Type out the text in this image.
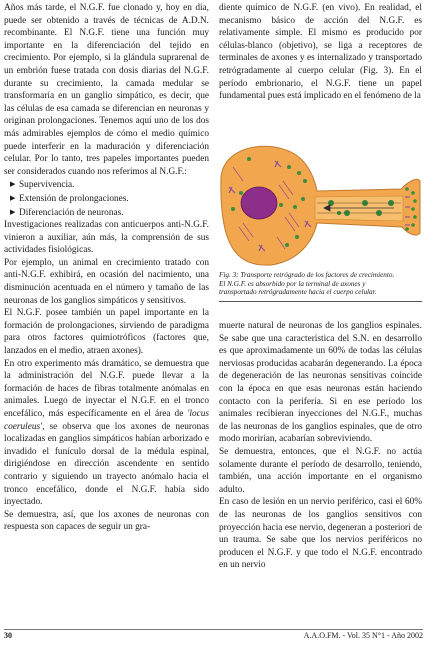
Años más tarde, el N.G.F. fue clonado y, hoy en día, puede ser obtenido a través de técnicas de A.D.N. recombinante. El N.G.F. tiene una función muy importante en la diferenciación del tejido en crecimiento. Por ejemplo, si la glándula suprarenal de un embrión fuese tratada con dosis diarias del N.G.F. durante su crecimiento, la camada medular se transformaría en un ganglio simpático, es decir, que las células de esa camada se diferencian en neuronas y originan prolongaciones. Tenemos aquí uno de los dos más admirables ejemplos de cómo el medio químico puede interferir en la maduración y diferenciación celular. Por lo tanto, tres papeles importantes pueden ser considerados cuando nos referimos al N.G.F.:

▶ Supervivencia.
▶ Extensión de prolongaciones.
▶ Diferenciación de neuronas.

Investigaciones realizadas con anticuerpos anti-N.G.F. vinieron a auxiliar, aún más, la comprensión de sus actividades fisiológicas.

Por ejemplo, un animal en crecimiento tratado con anti-N.G.F. exhibirá, en ocasión del nacimiento, una disminución acentuada en el número y tamaño de las neuronas de los ganglios simpáticos y sensitivos.

El N.G.F. posee también un papel importante en la formación de prolongaciones, sirviendo de paradigma para otros factores quimiotróficos (factores que, lanzados en el medio, atraen axones).

En otro experimento más dramático, se demuestra que la administración del N.G.F. puede llevar a la formación de haces de fibras totalmente anómalas en animales. Luego de inyectar el N.G.F. en el tronco encefálico, más específicamente en el área de 'locus coeruleus', se observa que los axones de neuronas localizadas en ganglios simpáticos habían arborizado e invadido el funículo dorsal de la médula espinal, dirigiéndose en dirección ascendente en sentido contrario y siguiendo un trayecto anómalo hacia el tronco encefálico, donde el N.G.F. había sido inyectado.

Se demuestra, así, que los axones de neuronas con respuesta son capaces de seguir un gra-

diente químico de N.G.F. (en vivo). En realidad, el mecanismo básico de acción del N.G.F. es relativamente simple. El mismo es producido por células-blanco (objetivo), se liga a receptores de terminales de axones y es internalizado y transportado retrógradamente al cuerpo celular (Fig. 3). En el período embrionario, el N.G.F. tiene un papel fundamental pues está implicado en el fenómeno de la

Fig. 3: Transporte retrógrado de los factores de crecimiento.
El N.G.F. es absorbido por la terminal de axones y
transportado retrógradamente hacia el cuerpo celular.

muerte natural de neuronas de los ganglios espinales. Se sabe que una característica del S.N. en desarrollo es que aproximadamente un 60% de todas las células nerviosas producidas acabarán degenerando. La época de degeneración de las neuronas sensitivas coincide con la época en que esas neuronas están haciendo contacto con la periferia. Si en ese período los animales recibieran inyecciones del N.G.F., muchas de las neuronas de los ganglios espinales, que de otro modo morirían, acabarían sobreviviendo.

Se demuestra, entonces, que el N.G.F. no actúa solamente durante el período de desarrollo, teniendo, también, una acción importante en el organismo adulto.

En caso de lesión en un nervio periférico, casi el 60% de las neuronas de los ganglios sensitivos con proyección hacia ese nervio, degeneran a posteriori de un trauma. Se sabe que los nervios periféricos no producen el N.G.F. y que todo el N.G.F. encontrado en un nervio

30	A.A.O.FM. - Vol. 35 N°1 - Año 2002
